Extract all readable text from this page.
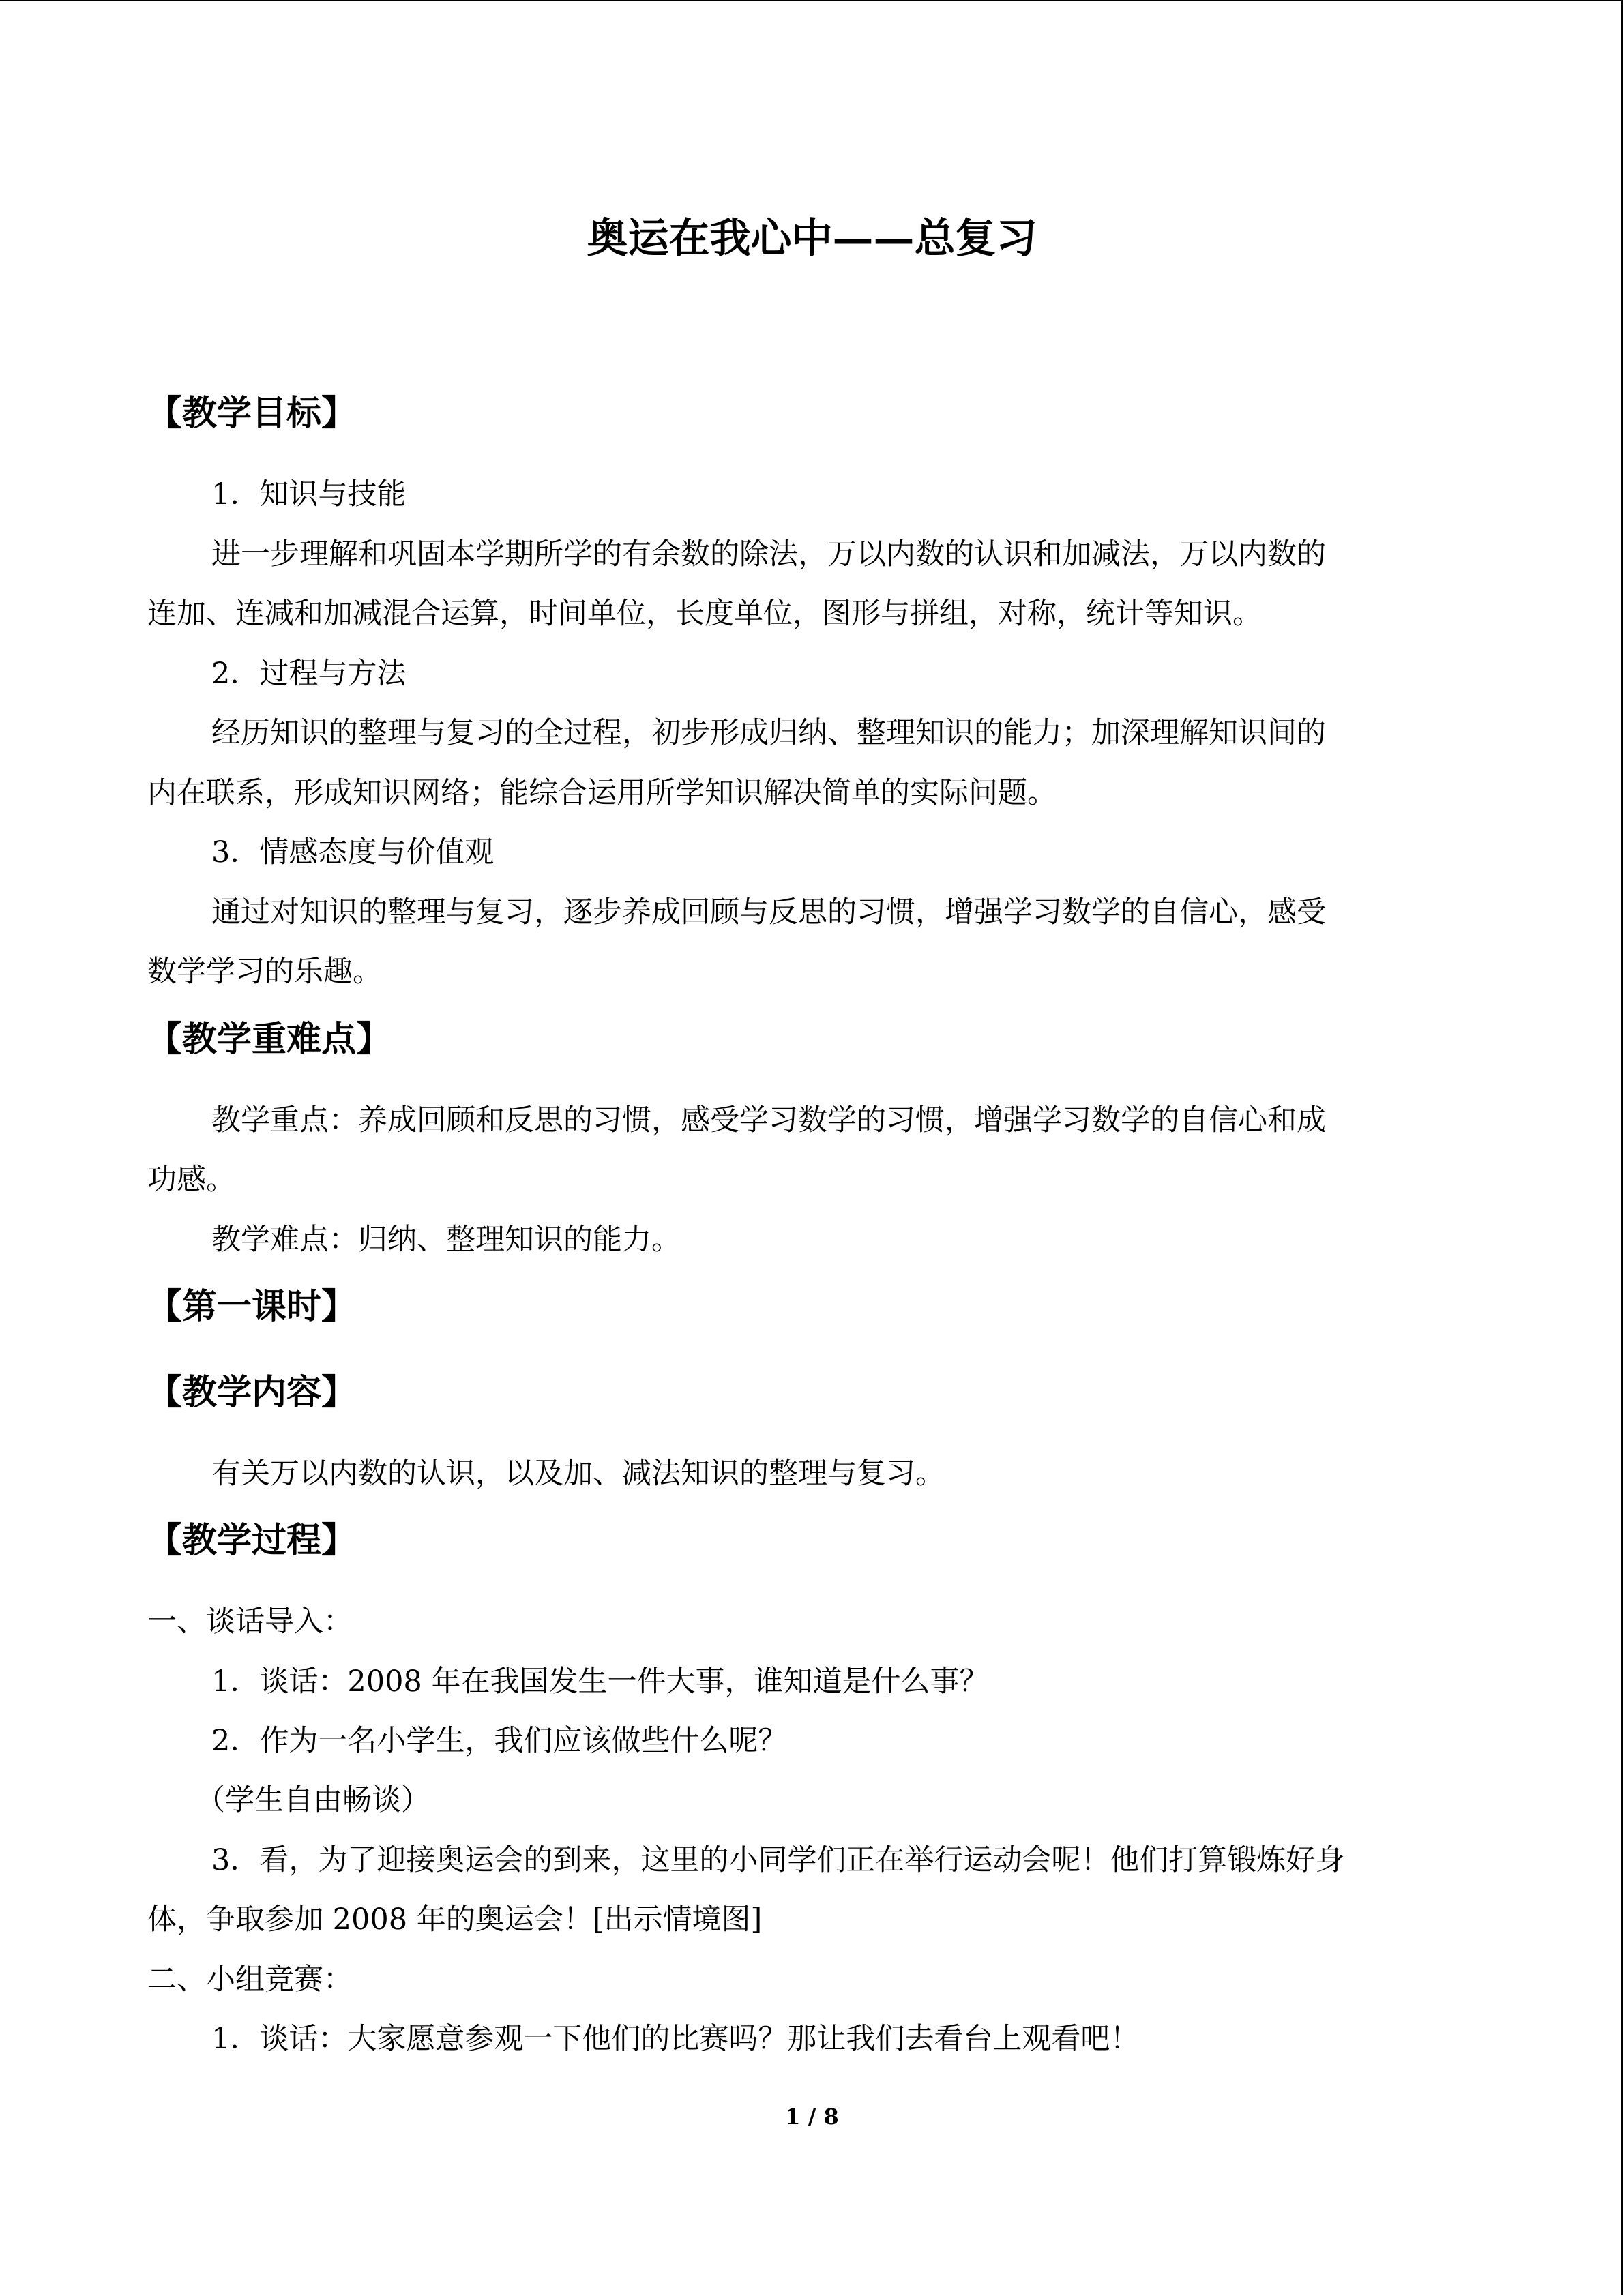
奥运在我心中——总复习
【教学目标】
1．知识与技能
进一步理解和巩固本学期所学的有余数的除法，万以内数的认识和加减法，万以内数的
连加、连减和加减混合运算，时间单位，长度单位，图形与拼组，对称，统计等知识。
2．过程与方法
经历知识的整理与复习的全过程，初步形成归纳、整理知识的能力；加深理解知识间的
内在联系，形成知识网络；能综合运用所学知识解决简单的实际问题。
3．情感态度与价值观
通过对知识的整理与复习，逐步养成回顾与反思的习惯，增强学习数学的自信心，感受
数学学习的乐趣。
【教学重难点】
教学重点：养成回顾和反思的习惯，感受学习数学的习惯，增强学习数学的自信心和成
功感。
教学难点：归纳、整理知识的能力。
【第一课时】
【教学内容】
有关万以内数的认识，以及加、减法知识的整理与复习。
【教学过程】
一、谈话导入：
1．谈话：2008 年在我国发生一件大事，谁知道是什么事？
2．作为一名小学生，我们应该做些什么呢？
（学生自由畅谈）
3．看，为了迎接奥运会的到来，这里的小同学们正在举行运动会呢！他们打算锻炼好身
体，争取参加 2008 年的奥运会！[出示情境图]
二、小组竞赛：
1．谈话：大家愿意参观一下他们的比赛吗？那让我们去看台上观看吧！
1 / 8
